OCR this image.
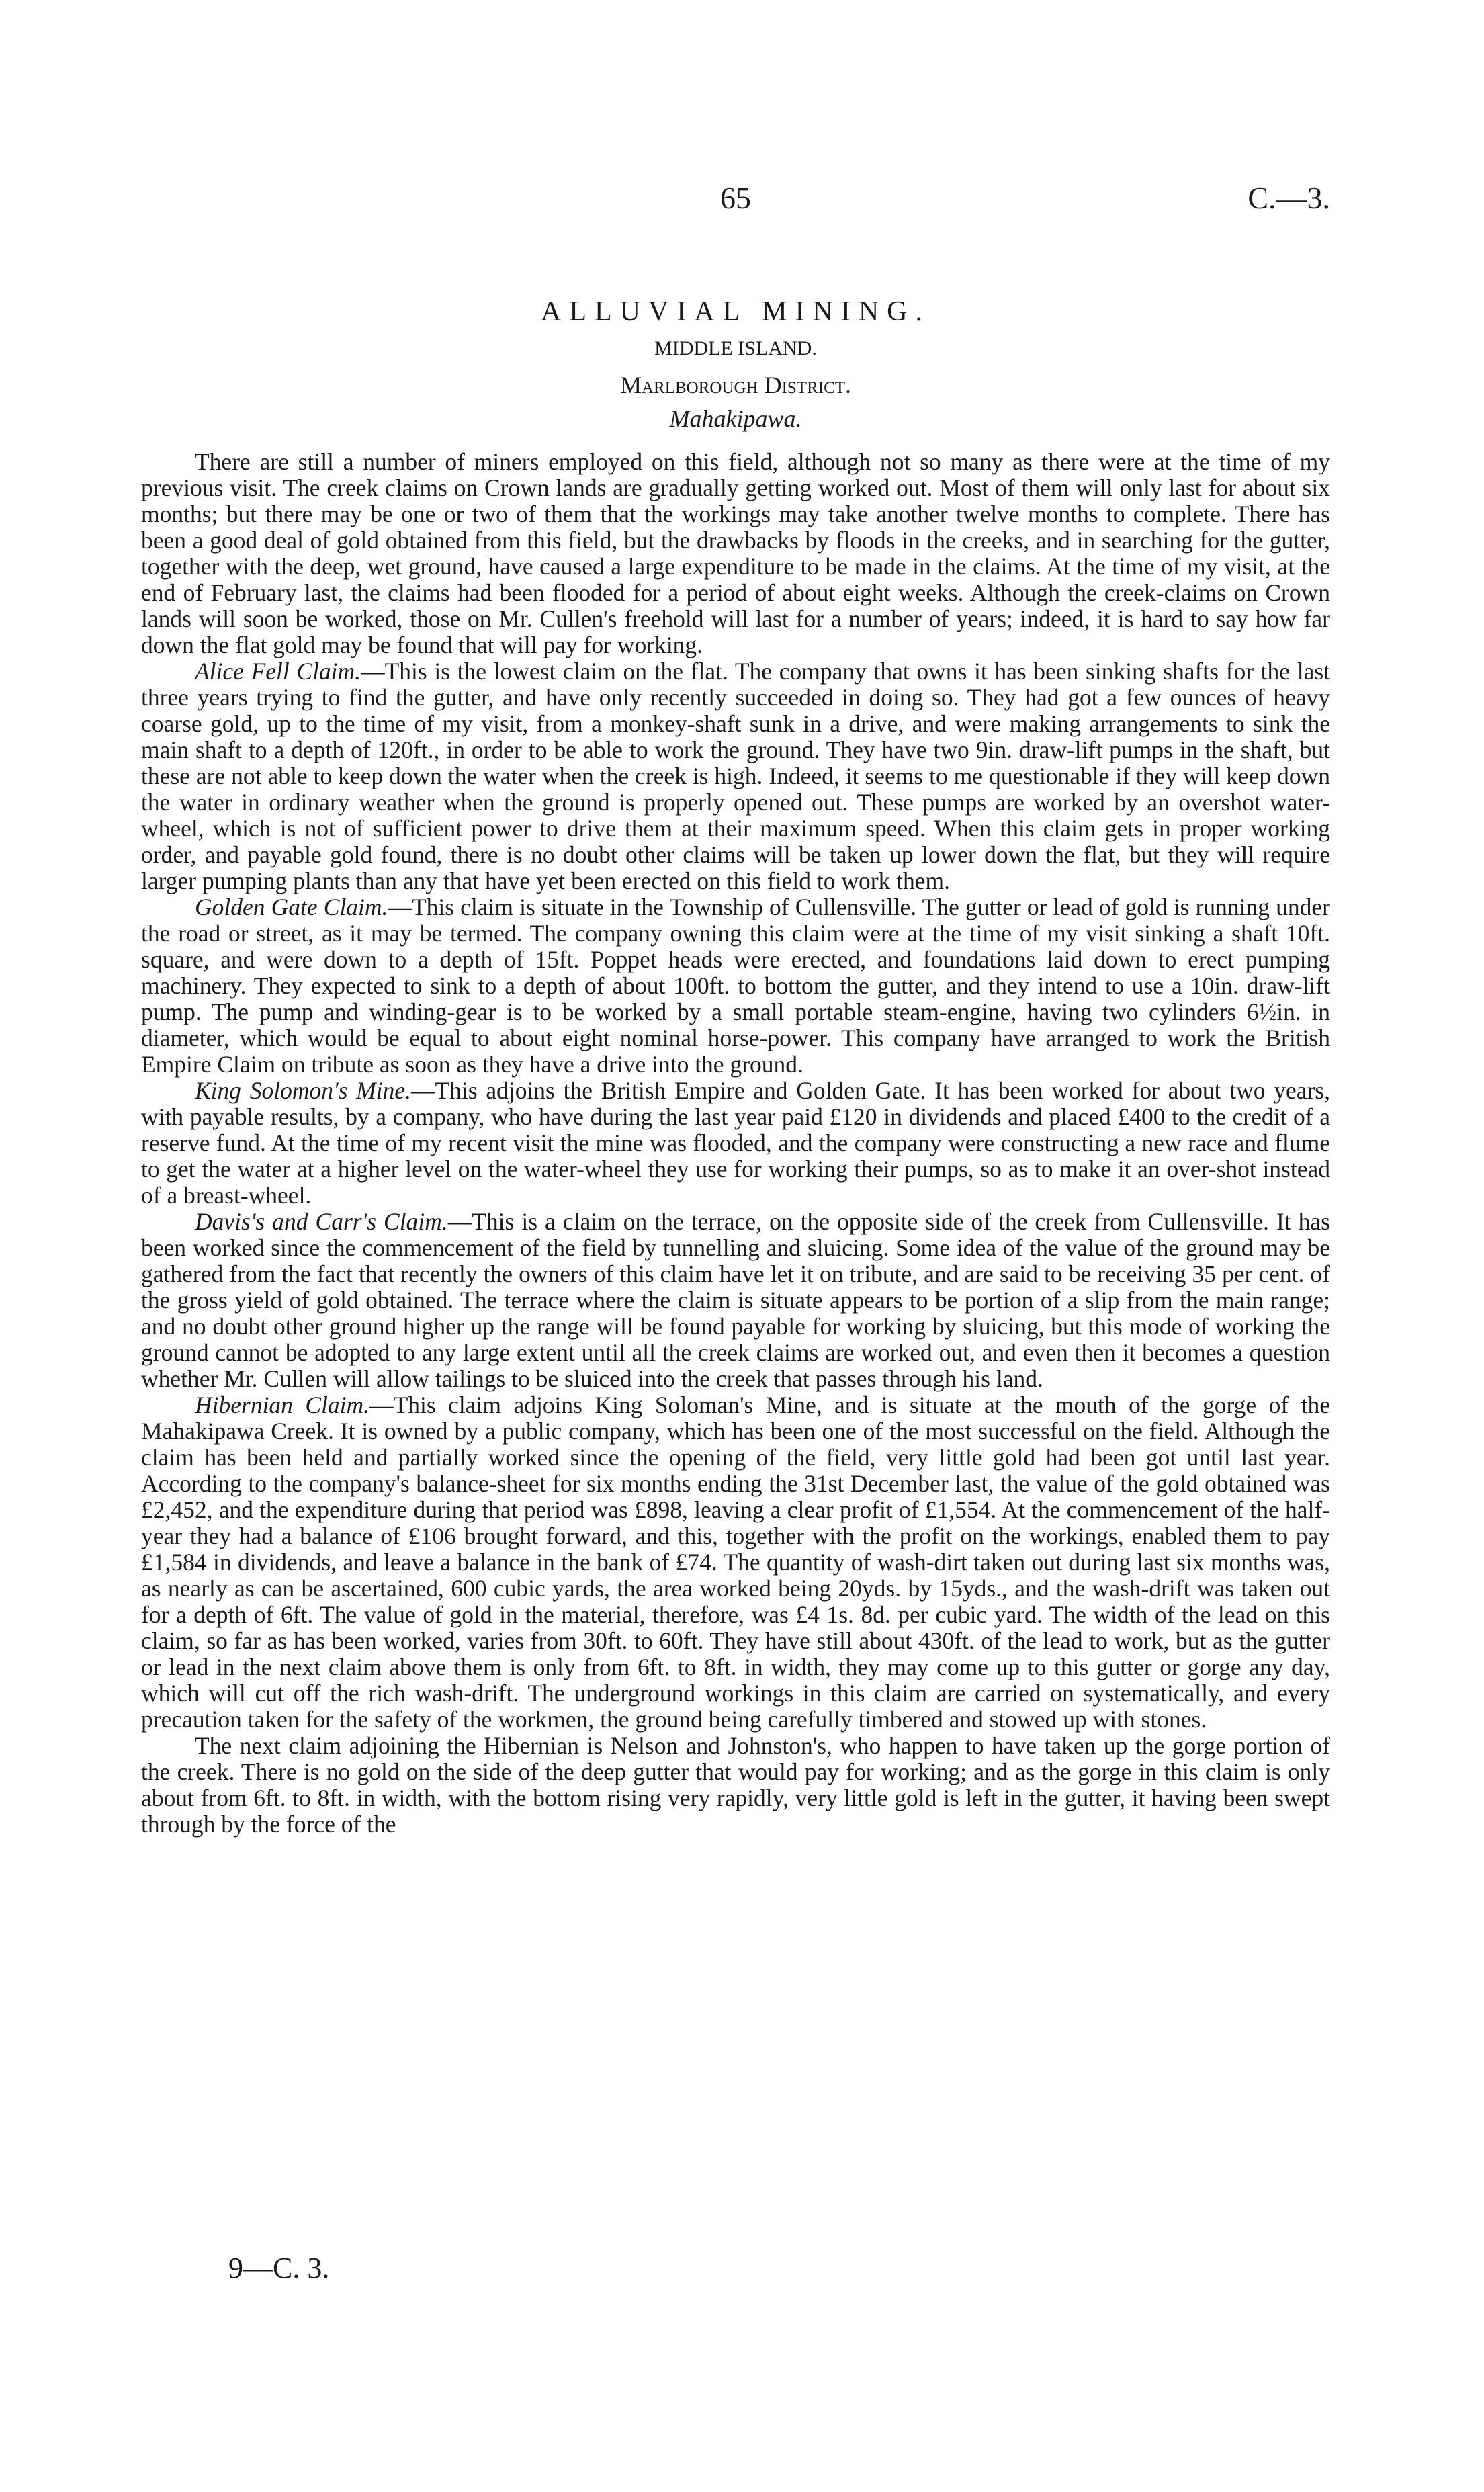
65	C.—3.
ALLUVIAL MINING.
MIDDLE ISLAND.
Marlborough District.
Mahakipawa.

There are still a number of miners employed on this field, although not so many as there were at the time of my previous visit. The creek claims on Crown lands are gradually getting worked out. Most of them will only last for about six months; but there may be one or two of them that the workings may take another twelve months to complete. There has been a good deal of gold obtained from this field, but the drawbacks by floods in the creeks, and in searching for the gutter, together with the deep, wet ground, have caused a large expenditure to be made in the claims. At the time of my visit, at the end of February last, the claims had been flooded for a period of about eight weeks. Although the creek-claims on Crown lands will soon be worked, those on Mr. Cullen's freehold will last for a number of years; indeed, it is hard to say how far down the flat gold may be found that will pay for working.

Alice Fell Claim.—This is the lowest claim on the flat. The company that owns it has been sinking shafts for the last three years trying to find the gutter, and have only recently succeeded in doing so. They had got a few ounces of heavy coarse gold, up to the time of my visit, from a monkey-shaft sunk in a drive, and were making arrangements to sink the main shaft to a depth of 120ft., in order to be able to work the ground. They have two 9in. draw-lift pumps in the shaft, but these are not able to keep down the water when the creek is high. Indeed, it seems to me questionable if they will keep down the water in ordinary weather when the ground is properly opened out. These pumps are worked by an overshot water-wheel, which is not of sufficient power to drive them at their maximum speed. When this claim gets in proper working order, and payable gold found, there is no doubt other claims will be taken up lower down the flat, but they will require larger pumping plants than any that have yet been erected on this field to work them.

Golden Gate Claim.—This claim is situate in the Township of Cullensville. The gutter or lead of gold is running under the road or street, as it may be termed. The company owning this claim were at the time of my visit sinking a shaft 10ft. square, and were down to a depth of 15ft. Poppet heads were erected, and foundations laid down to erect pumping machinery. They expected to sink to a depth of about 100ft. to bottom the gutter, and they intend to use a 10in. draw-lift pump. The pump and winding-gear is to be worked by a small portable steam-engine, having two cylinders 6½in. in diameter, which would be equal to about eight nominal horse-power. This company have arranged to work the British Empire Claim on tribute as soon as they have a drive into the ground.

King Solomon's Mine.—This adjoins the British Empire and Golden Gate. It has been worked for about two years, with payable results, by a company, who have during the last year paid £120 in dividends and placed £400 to the credit of a reserve fund. At the time of my recent visit the mine was flooded, and the company were constructing a new race and flume to get the water at a higher level on the water-wheel they use for working their pumps, so as to make it an over-shot instead of a breast-wheel.

Davis's and Carr's Claim.—This is a claim on the terrace, on the opposite side of the creek from Cullensville. It has been worked since the commencement of the field by tunnelling and sluicing. Some idea of the value of the ground may be gathered from the fact that recently the owners of this claim have let it on tribute, and are said to be receiving 35 per cent. of the gross yield of gold obtained. The terrace where the claim is situate appears to be portion of a slip from the main range; and no doubt other ground higher up the range will be found payable for working by sluicing, but this mode of working the ground cannot be adopted to any large extent until all the creek claims are worked out, and even then it becomes a question whether Mr. Cullen will allow tailings to be sluiced into the creek that passes through his land.

Hibernian Claim.—This claim adjoins King Soloman's Mine, and is situate at the mouth of the gorge of the Mahakipawa Creek. It is owned by a public company, which has been one of the most successful on the field. Although the claim has been held and partially worked since the opening of the field, very little gold had been got until last year. According to the company's balance-sheet for six months ending the 31st December last, the value of the gold obtained was £2,452, and the expenditure during that period was £898, leaving a clear profit of £1,554. At the commencement of the half-year they had a balance of £106 brought forward, and this, together with the profit on the workings, enabled them to pay £1,584 in dividends, and leave a balance in the bank of £74. The quantity of wash-dirt taken out during last six months was, as nearly as can be ascertained, 600 cubic yards, the area worked being 20yds. by 15yds., and the wash-drift was taken out for a depth of 6ft. The value of gold in the material, therefore, was £4 1s. 8d. per cubic yard. The width of the lead on this claim, so far as has been worked, varies from 30ft. to 60ft. They have still about 430ft. of the lead to work, but as the gutter or lead in the next claim above them is only from 6ft. to 8ft. in width, they may come up to this gutter or gorge any day, which will cut off the rich wash-drift. The underground workings in this claim are carried on systematically, and every precaution taken for the safety of the workmen, the ground being carefully timbered and stowed up with stones.

The next claim adjoining the Hibernian is Nelson and Johnston's, who happen to have taken up the gorge portion of the creek. There is no gold on the side of the deep gutter that would pay for working; and as the gorge in this claim is only about from 6ft. to 8ft. in width, with the bottom rising very rapidly, very little gold is left in the gutter, it having been swept through by the force of the

9—C. 3.
